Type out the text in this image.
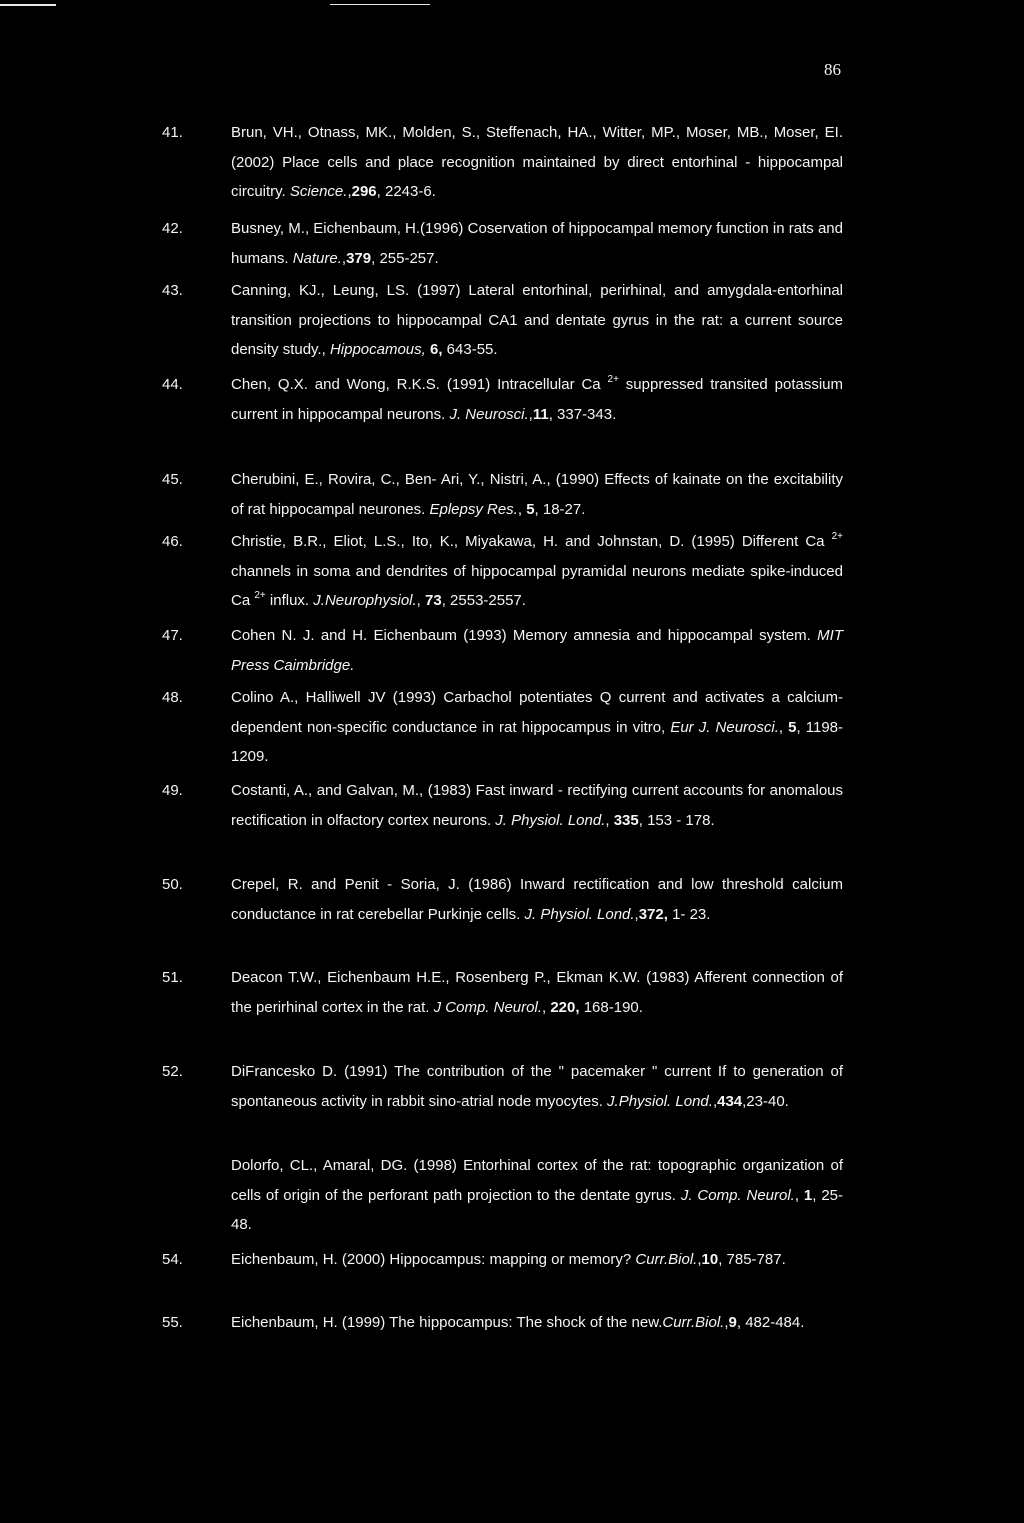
86
41.	Brun, VH., Otnass, MK., Molden, S., Steffenach, HA., Witter, MP., Moser, MB., Moser, EI. (2002) Place cells and place recognition maintained by direct entorhinal - hippocampal circuitry. Science.,296, 2243-6.
42.	Busney, M., Eichenbaum, H.(1996) Coservation of hippocampal memory function in rats and humans. Nature.,379, 255-257.
43.	Canning, KJ., Leung, LS. (1997) Lateral entorhinal, perirhinal, and amygdala-entorhinal transition projections to hippocampal CA1 and dentate gyrus in the rat: a current source density study., Hippocamous, 6, 643-55.
44.	Chen, Q.X. and Wong, R.K.S. (1991) Intracellular Ca $^{2+}$ suppressed transited potassium current in hippocampal neurons. J. Neurosci.,11, 337-343.
45.	Cherubini, E., Rovira, C., Ben- Ari, Y., Nistri, A., (1990) Effects of kainate on the excitability of rat hippocampal neurones. Eplepsy Res., 5, 18-27.
46.	Christie, B.R., Eliot, L.S., Ito, K., Miyakawa, H. and Johnstan, D. (1995) Different Ca $^{2+}$ channels in soma and dendrites of hippocampal pyramidal neurons mediate spike-induced Ca $^{2+}$ influx. J.Neurophysiol., 73, 2553-2557.
47.	Cohen N. J. and H. Eichenbaum (1993) Memory amnesia and hippocampal system. MIT Press Caimbridge.
48.	Colino A., Halliwell JV (1993) Carbachol potentiates Q current and activates a calcium-dependent non-specific conductance in rat hippocampus in vitro, Eur J. Neurosci., 5, 1198-1209.
49.	Costanti, A., and Galvan, M., (1983) Fast inward - rectifying current accounts for anomalous rectification in olfactory cortex neurons. J. Physiol. Lond., 335, 153 - 178.
50.	Crepel, R. and Penit - Soria, J. (1986) Inward rectification and low threshold calcium conductance in rat cerebellar Purkinje cells. J. Physiol. Lond.,372, 1- 23.
51.	Deacon T.W., Eichenbaum H.E., Rosenberg P., Ekman K.W. (1983) Afferent connection of the perirhinal cortex in the rat. J Comp. Neurol., 220, 168-190.
52.	DiFrancesko D. (1991) The contribution of the " pacemaker " current If to generation of spontaneous activity in rabbit sino-atrial node myocytes. J.Physiol. Lond.,434,23-40.
Dolorfo, CL., Amaral, DG. (1998) Entorhinal cortex of the rat: topographic organization of cells of origin of the perforant path projection to the dentate gyrus. J. Comp. Neurol., 1, 25-48.
54.	Eichenbaum, H. (2000) Hippocampus: mapping or memory? Curr.Biol.,10, 785-787.
55.	Eichenbaum, H. (1999) The hippocampus: The shock of the new.Curr.Biol.,9, 482-484.
